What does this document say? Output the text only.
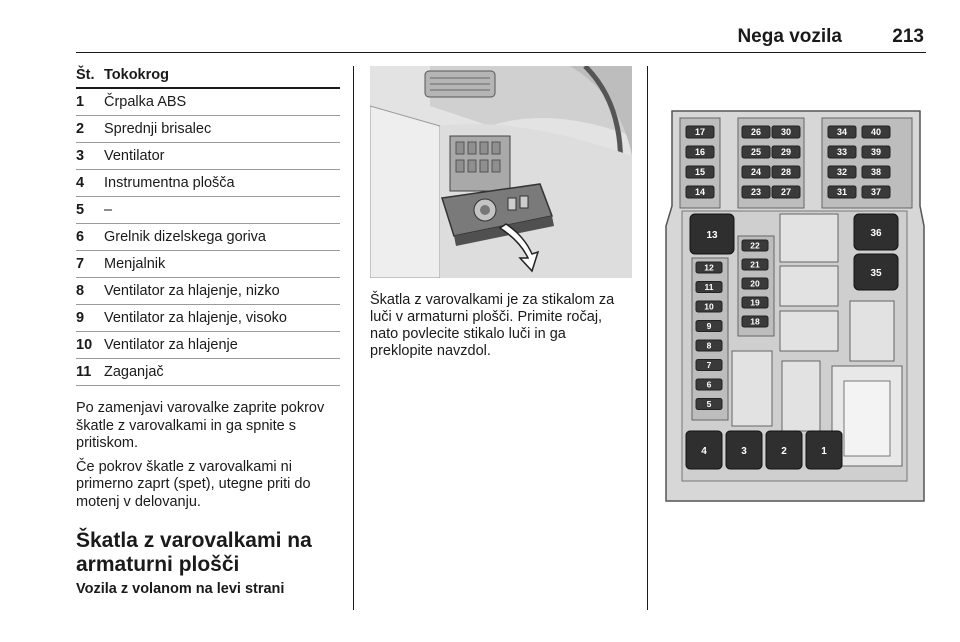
Nega vozila	213
Št.	Tokokrog
1	Črpalka ABS
2	Sprednji brisalec
3	Ventilator
4	Instrumentna plošča
5	–
6	Grelnik dizelskega goriva
7	Menjalnik
8	Ventilator za hlajenje, nizko
9	Ventilator za hlajenje, visoko
10	Ventilator za hlajenje
11	Zaganjač

Po zamenjavi varovalke zaprite pokrov škatle z varovalkami in ga spnite s pritiskom.

Če pokrov škatle z varovalkami ni primerno zaprt (spet), utegne priti do motenj v delovanju.

Škatla z varovalkami na armaturni plošči
Vozila z volanom na levi strani
Škatla z varovalkami je za stikalom za luči v armaturni plošči. Primite ročaj, nato povlecite stikalo luči in ga preklopite navzdol.
17
16
15
14
26
25
24
23
30
29
28
27
34
33
32
31
40
39
38
37
13	36
35
12
11
10
9
8
7
6
5
22
21
20
19
18
4	3	2	1
